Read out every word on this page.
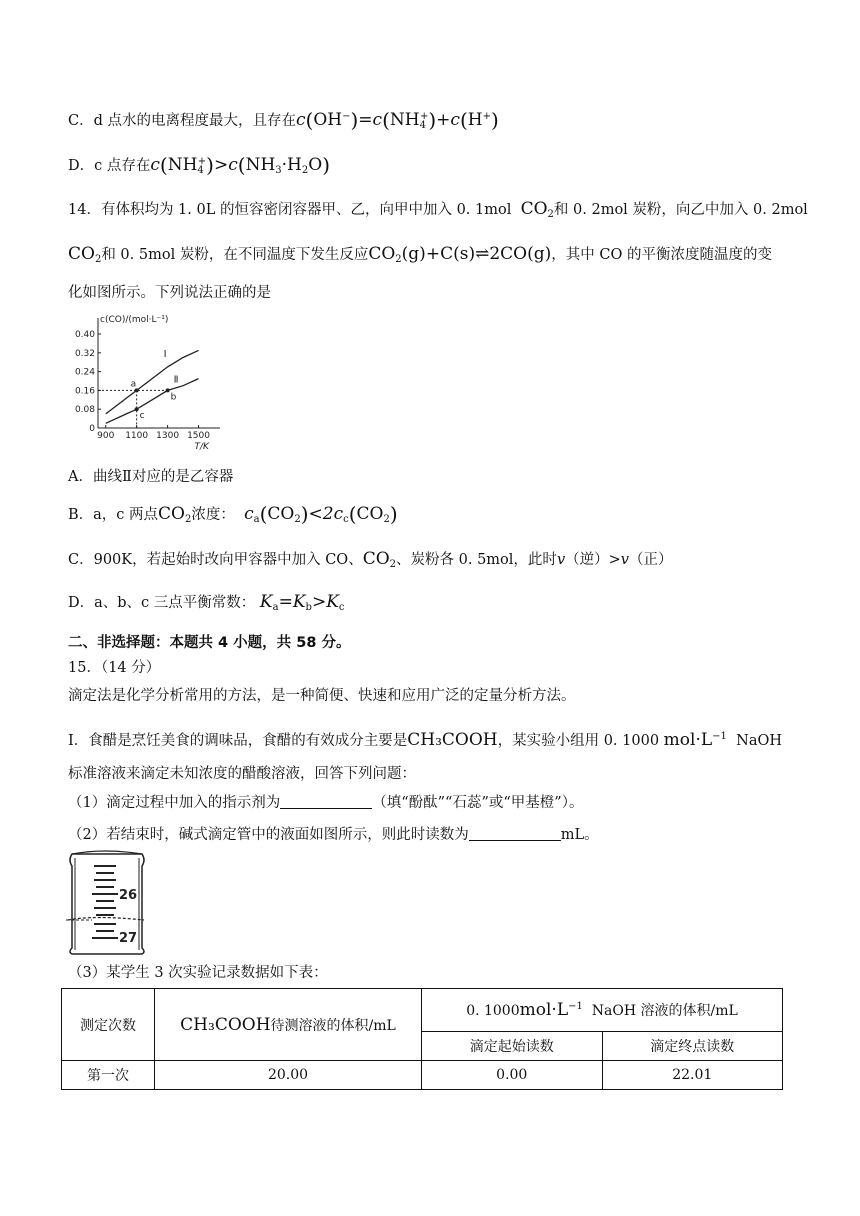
C．d 点水的电离程度最大，且存在$c(OH^-)=c(NH_4^+)+c(H^+)$
D．c 点存在$c(NH_4^+)>c(NH_3\cdot H_2O)$
14．有体积均为 1. 0L 的恒容密闭容器甲、乙，向甲中加入 0. 1mol $CO_2$和 0. 2mol 炭粉，向乙中加入 0. 2mol
$CO_2$和 0. 5mol 炭粉，在不同温度下发生反应$CO_2(g)+C(s)\rightleftharpoons 2CO(g)$，其中 CO 的平衡浓度随温度的变
化如图所示。下列说法正确的是
c(CO)/(mol·L⁻¹)
0.40
0.32
0.24
0.16
0.08
0
900 1100 1300 1500
T/K
Ⅰ
Ⅱ
a
b
c
A．曲线Ⅱ对应的是乙容器
B．a，c 两点$CO_2$浓度： $c_a(CO_2)<2c_c(CO_2)$
C．900K，若起始时改向甲容器中加入 CO、$CO_2$、炭粉各 0. 5mol，此时v（逆）>v（正）
D．a、b、c 三点平衡常数： $K_a=K_b>K_c$
二、非选择题：本题共 4 小题，共 58 分。
15．（14 分）
滴定法是化学分析常用的方法，是一种简便、快速和应用广泛的定量分析方法。
Ⅰ．食醋是烹饪美食的调味品，食醋的有效成分主要是CH₃COOH，某实验小组用 0. 1000 $mol\cdot L^{-1}$ NaOH
标准溶液来滴定未知浓度的醋酸溶液，回答下列问题：
（1）滴定过程中加入的指示剂为	（填“酚酞”“石蕊”或“甲基橙”）。
（2）若结束时，碱式滴定管中的液面如图所示，则此时读数为	mL。
26
27
（3）某学生 3 次实验记录数据如下表：
测定次数	CH₃COOH待测溶液的体积/mL	0. $1000mol\cdot L^{-1}$ NaOH 溶液的体积/mL	
		滴定起始读数	滴定终点读数
第一次	20.00	0.00	22.01
